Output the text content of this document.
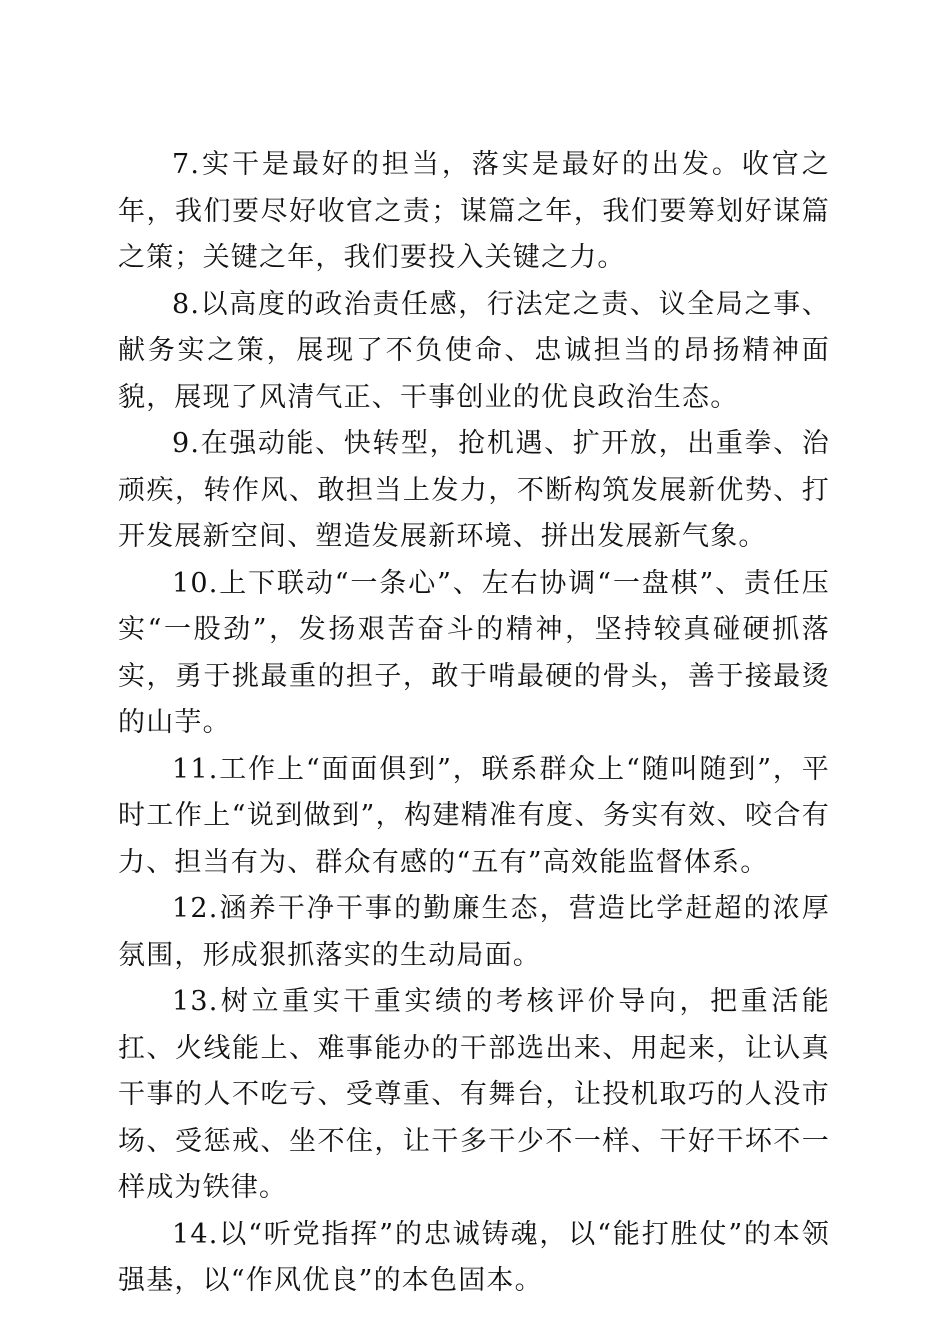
7.实干是最好的担当，落实是最好的出发。收官之年，我们要尽好收官之责；谋篇之年，我们要筹划好谋篇之策；关键之年，我们要投入关键之力。

8.以高度的政治责任感，行法定之责、议全局之事、献务实之策，展现了不负使命、忠诚担当的昂扬精神面貌，展现了风清气正、干事创业的优良政治生态。

9.在强动能、快转型，抢机遇、扩开放，出重拳、治顽疾，转作风、敢担当上发力，不断构筑发展新优势、打开发展新空间、塑造发展新环境、拼出发展新气象。

10.上下联动“一条心”、左右协调“一盘棋”、责任压实“一股劲”，发扬艰苦奋斗的精神，坚持较真碰硬抓落实，勇于挑最重的担子，敢于啃最硬的骨头，善于接最烫的山芋。

11.工作上“面面俱到”，联系群众上“随叫随到”，平时工作上“说到做到”，构建精准有度、务实有效、咬合有力、担当有为、群众有感的“五有”高效能监督体系。

12.涵养干净干事的勤廉生态，营造比学赶超的浓厚氛围，形成狠抓落实的生动局面。

13.树立重实干重实绩的考核评价导向，把重活能扛、火线能上、难事能办的干部选出来、用起来，让认真干事的人不吃亏、受尊重、有舞台，让投机取巧的人没市场、受惩戒、坐不住，让干多干少不一样、干好干坏不一样成为铁律。

14.以“听党指挥”的忠诚铸魂，以“能打胜仗”的本领强基，以“作风优良”的本色固本。
